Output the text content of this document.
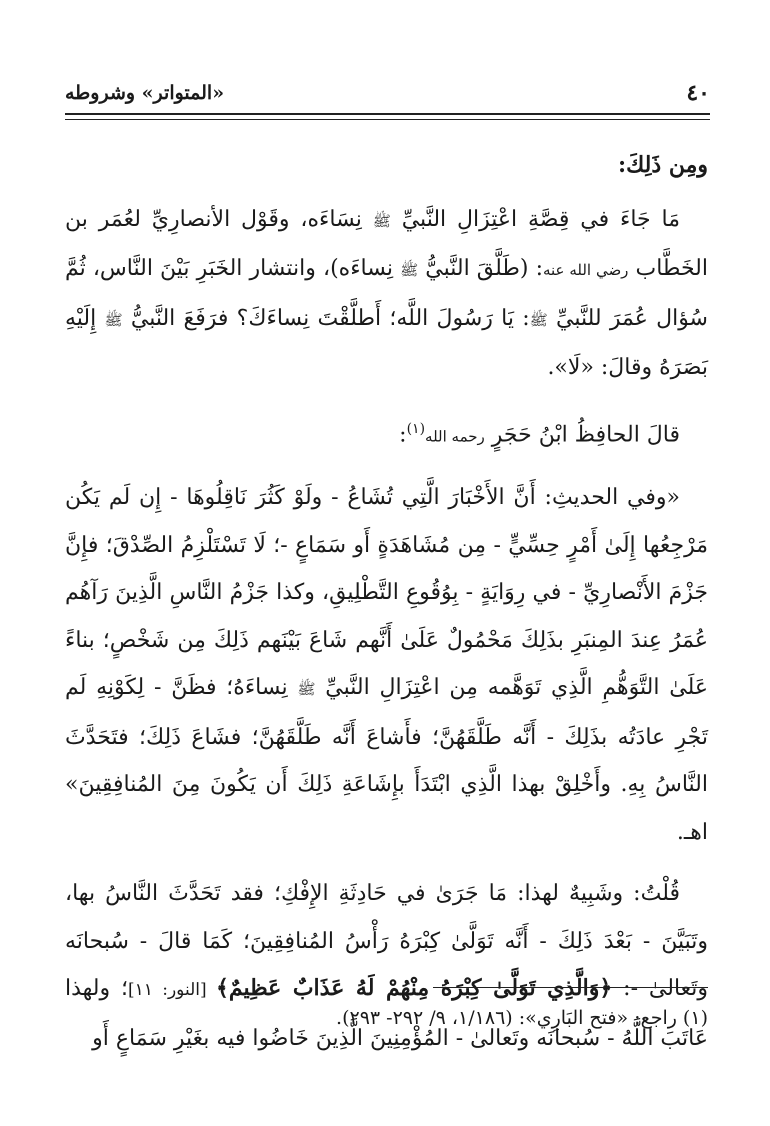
٤٠
«المتواتر» وشروطه

ومِن ذَلِكَ:

مَا جَاءَ في قِصَّةِ اعْتِزَالِ النَّبيِّ ﷺ نِسَاءَه، وقَوْل الأنصارِيِّ لعُمَر بن الخَطَّاب رضي الله عنه: (طَلَّقَ النَّبيُّ ﷺ نِساءَه)، وانتشار الخَبَرِ بَيْنَ النَّاس، ثُمَّ سُؤال عُمَرَ للنَّبيِّ ﷺ: يَا رَسُولَ اللَّه؛ أَطلَّقْتَ نِساءَكَ؟ فرَفَعَ النَّبيُّ ﷺ إِلَيْهِ بَصَرَهُ وقالَ: «لَا».

قالَ الحافِظُ ابْنُ حَجَرٍ رحمه الله$^{(١)}$:

«وفي الحديثِ: أَنَّ الأَخْبَارَ الَّتِي تُشَاعُ - ولَوْ كَثُرَ نَاقِلُوهَا - إِن لَم يَكُن مَرْجِعُها إِلَىٰ أَمْرٍ حِسِّيٍّ - مِن مُشَاهَدَةٍ أَو سَمَاعٍ -؛ لَا تَسْتَلْزِمُ الصِّدْقَ؛ فإِنَّ جَزْمَ الأَنْصارِيِّ - في رِوَايَةٍ - بِوُقُوعِ التَّطْلِيقِ، وكذا جَزْمُ النَّاسِ الَّذِينَ رَآهُم عُمَرُ عِندَ المِنبَرِ بذَلِكَ مَحْمُولٌ عَلَىٰ أَنَّهم شَاعَ بَيْنَهم ذَلِكَ مِن شَخْصٍ؛ بناءً عَلَىٰ التَّوَهُّمِ الَّذِي تَوَهَّمه مِن اعْتِزَالِ النَّبيِّ ﷺ نِساءَهُ؛ فظَنَّ - لِكَوْنِهِ لَم تَجْرِ عادَتُه بذَلِكَ - أَنَّه طَلَّقَهُنَّ؛ فأَشاعَ أَنَّه طَلَّقَهُنَّ؛ فشَاعَ ذَلِكَ؛ فتَحَدَّثَ النَّاسُ بِهِ. وأَخْلِقْ بهذا الَّذِي ابْتَدَأَ بإِشَاعَةِ ذَلِكَ أَن يَكُونَ مِنَ المُنافِقِينَ» اهـ.

قُلْتُ: وشَبِيهٌ لهذا: مَا جَرَىٰ في حَادِثَةِ الإِفْكِ؛ فقد تَحَدَّثَ النَّاسُ بها، وتَبَيَّنَ - بَعْدَ ذَلِكَ - أَنَّه تَوَلَّىٰ كِبْرَهُ رَأْسُ المُنافِقِينَ؛ كَمَا قالَ - سُبحانَه وتَعالىٰ -: ﴿وَالَّذِي تَوَلَّىٰ كِبْرَهُ مِنْهُمْ لَهُ عَذَابٌ عَظِيمٌ﴾ [النور: ١١]؛ ولهذا عَاتَبَ اللَّهُ - سُبحانَه وتَعالىٰ - المُؤْمِنِينَ الَّذِينَ خَاضُوا فيه بغَيْرِ سَمَاعٍ أَو

(١) راجع: «فتح البَارِي»: (١/١٨٦، ٩/ ٢٩٢- ٢٩٣).
